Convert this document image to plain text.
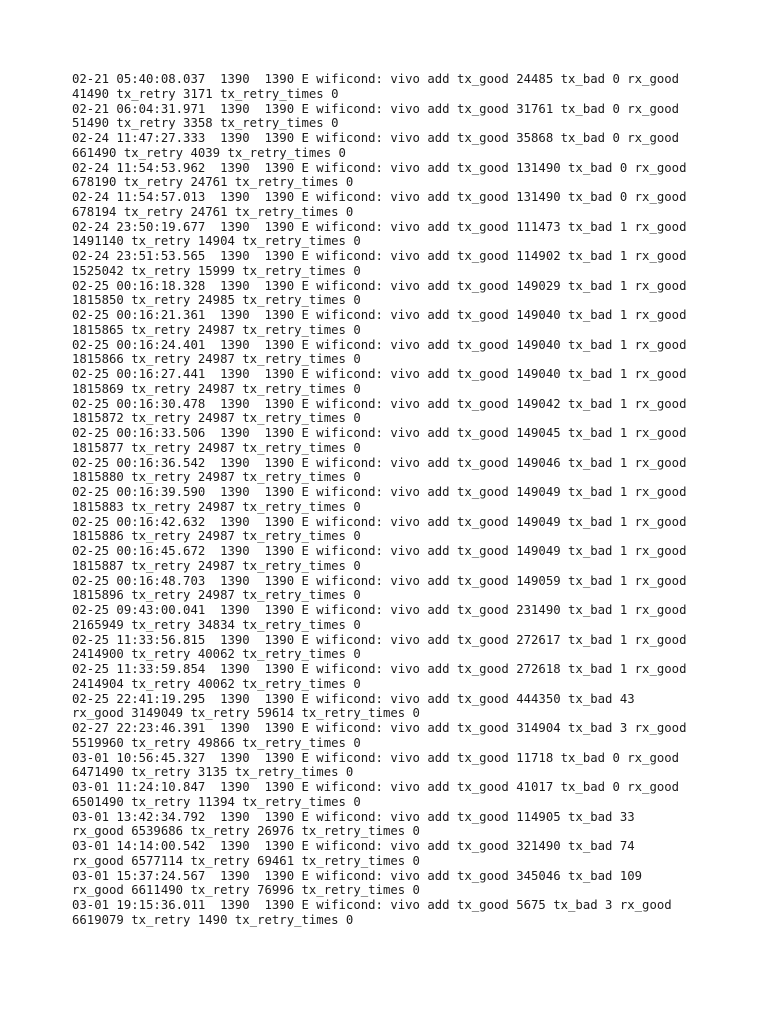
02-21 05:40:08.037  1390  1390 E wificond: vivo add tx_good 24485 tx_bad 0 rx_good
41490 tx_retry 3171 tx_retry_times 0
02-21 06:04:31.971  1390  1390 E wificond: vivo add tx_good 31761 tx_bad 0 rx_good
51490 tx_retry 3358 tx_retry_times 0
02-24 11:47:27.333  1390  1390 E wificond: vivo add tx_good 35868 tx_bad 0 rx_good
661490 tx_retry 4039 tx_retry_times 0
02-24 11:54:53.962  1390  1390 E wificond: vivo add tx_good 131490 tx_bad 0 rx_good
678190 tx_retry 24761 tx_retry_times 0
02-24 11:54:57.013  1390  1390 E wificond: vivo add tx_good 131490 tx_bad 0 rx_good
678194 tx_retry 24761 tx_retry_times 0
02-24 23:50:19.677  1390  1390 E wificond: vivo add tx_good 111473 tx_bad 1 rx_good
1491140 tx_retry 14904 tx_retry_times 0
02-24 23:51:53.565  1390  1390 E wificond: vivo add tx_good 114902 tx_bad 1 rx_good
1525042 tx_retry 15999 tx_retry_times 0
02-25 00:16:18.328  1390  1390 E wificond: vivo add tx_good 149029 tx_bad 1 rx_good
1815850 tx_retry 24985 tx_retry_times 0
02-25 00:16:21.361  1390  1390 E wificond: vivo add tx_good 149040 tx_bad 1 rx_good
1815865 tx_retry 24987 tx_retry_times 0
02-25 00:16:24.401  1390  1390 E wificond: vivo add tx_good 149040 tx_bad 1 rx_good
1815866 tx_retry 24987 tx_retry_times 0
02-25 00:16:27.441  1390  1390 E wificond: vivo add tx_good 149040 tx_bad 1 rx_good
1815869 tx_retry 24987 tx_retry_times 0
02-25 00:16:30.478  1390  1390 E wificond: vivo add tx_good 149042 tx_bad 1 rx_good
1815872 tx_retry 24987 tx_retry_times 0
02-25 00:16:33.506  1390  1390 E wificond: vivo add tx_good 149045 tx_bad 1 rx_good
1815877 tx_retry 24987 tx_retry_times 0
02-25 00:16:36.542  1390  1390 E wificond: vivo add tx_good 149046 tx_bad 1 rx_good
1815880 tx_retry 24987 tx_retry_times 0
02-25 00:16:39.590  1390  1390 E wificond: vivo add tx_good 149049 tx_bad 1 rx_good
1815883 tx_retry 24987 tx_retry_times 0
02-25 00:16:42.632  1390  1390 E wificond: vivo add tx_good 149049 tx_bad 1 rx_good
1815886 tx_retry 24987 tx_retry_times 0
02-25 00:16:45.672  1390  1390 E wificond: vivo add tx_good 149049 tx_bad 1 rx_good
1815887 tx_retry 24987 tx_retry_times 0
02-25 00:16:48.703  1390  1390 E wificond: vivo add tx_good 149059 tx_bad 1 rx_good
1815896 tx_retry 24987 tx_retry_times 0
02-25 09:43:00.041  1390  1390 E wificond: vivo add tx_good 231490 tx_bad 1 rx_good
2165949 tx_retry 34834 tx_retry_times 0
02-25 11:33:56.815  1390  1390 E wificond: vivo add tx_good 272617 tx_bad 1 rx_good
2414900 tx_retry 40062 tx_retry_times 0
02-25 11:33:59.854  1390  1390 E wificond: vivo add tx_good 272618 tx_bad 1 rx_good
2414904 tx_retry 40062 tx_retry_times 0
02-25 22:41:19.295  1390  1390 E wificond: vivo add tx_good 444350 tx_bad 43
rx_good 3149049 tx_retry 59614 tx_retry_times 0
02-27 22:23:46.391  1390  1390 E wificond: vivo add tx_good 314904 tx_bad 3 rx_good
5519960 tx_retry 49866 tx_retry_times 0
03-01 10:56:45.327  1390  1390 E wificond: vivo add tx_good 11718 tx_bad 0 rx_good
6471490 tx_retry 3135 tx_retry_times 0
03-01 11:24:10.847  1390  1390 E wificond: vivo add tx_good 41017 tx_bad 0 rx_good
6501490 tx_retry 11394 tx_retry_times 0
03-01 13:42:34.792  1390  1390 E wificond: vivo add tx_good 114905 tx_bad 33
rx_good 6539686 tx_retry 26976 tx_retry_times 0
03-01 14:14:00.542  1390  1390 E wificond: vivo add tx_good 321490 tx_bad 74
rx_good 6577114 tx_retry 69461 tx_retry_times 0
03-01 15:37:24.567  1390  1390 E wificond: vivo add tx_good 345046 tx_bad 109
rx_good 6611490 tx_retry 76996 tx_retry_times 0
03-01 19:15:36.011  1390  1390 E wificond: vivo add tx_good 5675 tx_bad 3 rx_good
6619079 tx_retry 1490 tx_retry_times 0
